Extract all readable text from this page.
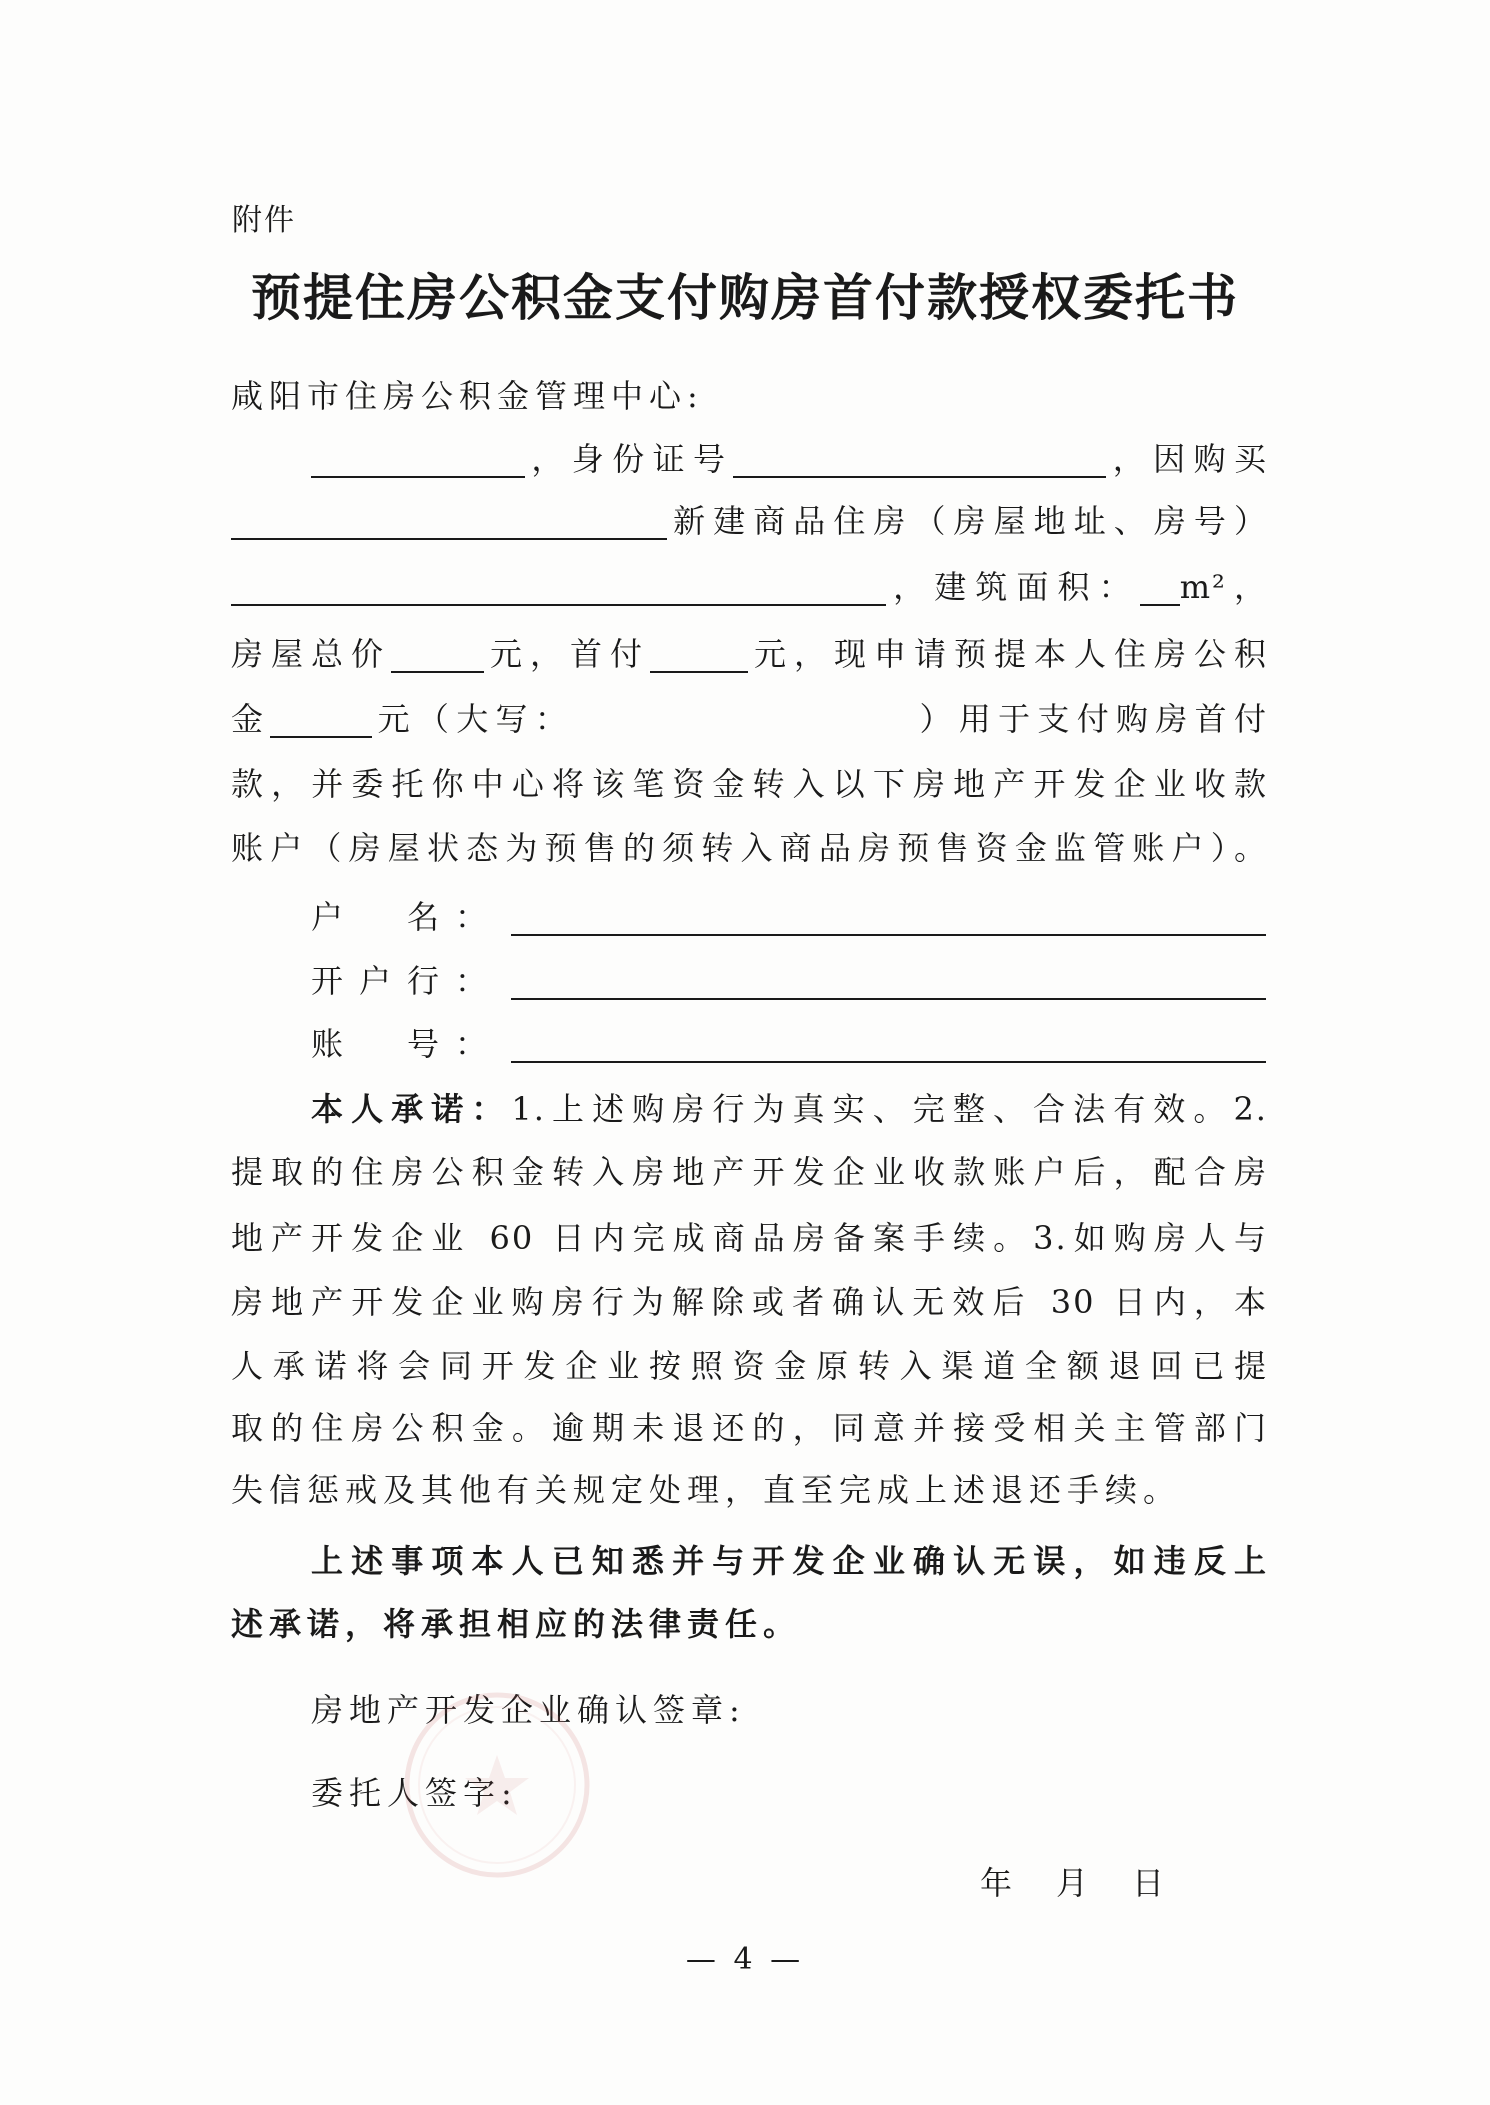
附件
预提住房公积金支付购房首付款授权委托书
咸阳市住房公积金管理中心:
，身份证号	，因购买
新建商品住房（房屋地址、房号）
，建筑面积： m²，
房屋总价	元，首付	元，现申请预提本人住房公积
金	元（大写：	）用于支付购房首付
款，并委托你中心将该笔资金转入以下房地产开发企业收款
账户（房屋状态为预售的须转入商品房预售资金监管账户）。
户　名：
开户行：
账　号：
本人承诺：1.上述购房行为真实、完整、合法有效。2.
提取的住房公积金转入房地产开发企业收款账户后，配合房
地产开发企业 60 日内完成商品房备案手续。3.如购房人与
房地产开发企业购房行为解除或者确认无效后 30 日内，本
人承诺将会同开发企业按照资金原转入渠道全额退回已提
取的住房公积金。逾期未退还的，同意并接受相关主管部门
失信惩戒及其他有关规定处理，直至完成上述退还手续。
上述事项本人已知悉并与开发企业确认无误，如违反上
述承诺，将承担相应的法律责任。
房地产开发企业确认签章:
委托人签字:
年　月　日
— 4 —
